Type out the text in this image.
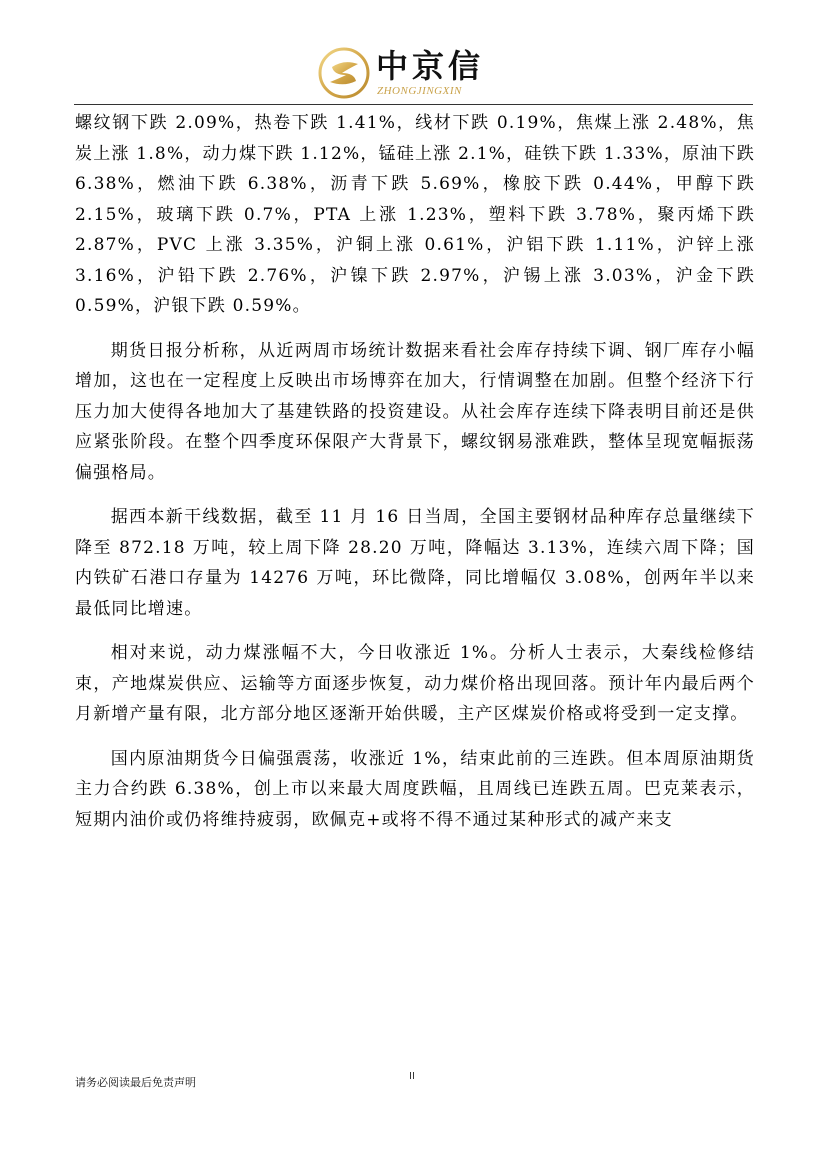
中京信
ZHONGJINGXIN

螺纹钢下跌 2.09%，热卷下跌 1.41%，线材下跌 0.19%，焦煤上涨 2.48%，焦炭上涨 1.8%，动力煤下跌 1.12%，锰硅上涨 2.1%，硅铁下跌 1.33%，原油下跌 6.38%，燃油下跌 6.38%，沥青下跌 5.69%，橡胶下跌 0.44%，甲醇下跌 2.15%，玻璃下跌 0.7%，PTA 上涨 1.23%，塑料下跌 3.78%，聚丙烯下跌 2.87%，PVC 上涨 3.35%，沪铜上涨 0.61%，沪铝下跌 1.11%，沪锌上涨 3.16%，沪铅下跌 2.76%，沪镍下跌 2.97%，沪锡上涨 3.03%，沪金下跌 0.59%，沪银下跌 0.59%。

期货日报分析称，从近两周市场统计数据来看社会库存持续下调、钢厂库存小幅增加，这也在一定程度上反映出市场博弈在加大，行情调整在加剧。但整个经济下行压力加大使得各地加大了基建铁路的投资建设。从社会库存连续下降表明目前还是供应紧张阶段。在整个四季度环保限产大背景下，螺纹钢易涨难跌，整体呈现宽幅振荡偏强格局。

据西本新干线数据，截至 11 月 16 日当周，全国主要钢材品种库存总量继续下降至 872.18 万吨，较上周下降 28.20 万吨，降幅达 3.13%，连续六周下降；国内铁矿石港口存量为 14276 万吨，环比微降，同比增幅仅 3.08%，创两年半以来最低同比增速。

相对来说，动力煤涨幅不大，今日收涨近 1%。分析人士表示，大秦线检修结束，产地煤炭供应、运输等方面逐步恢复，动力煤价格出现回落。预计年内最后两个月新增产量有限，北方部分地区逐渐开始供暖，主产区煤炭价格或将受到一定支撑。

国内原油期货今日偏强震荡，收涨近 1%，结束此前的三连跌。但本周原油期货主力合约跌 6.38%，创上市以来最大周度跌幅，且周线已连跌五周。巴克莱表示，短期内油价或仍将维持疲弱，欧佩克+或将不得不通过某种形式的减产来支

请务必阅读最后免责声明	II
